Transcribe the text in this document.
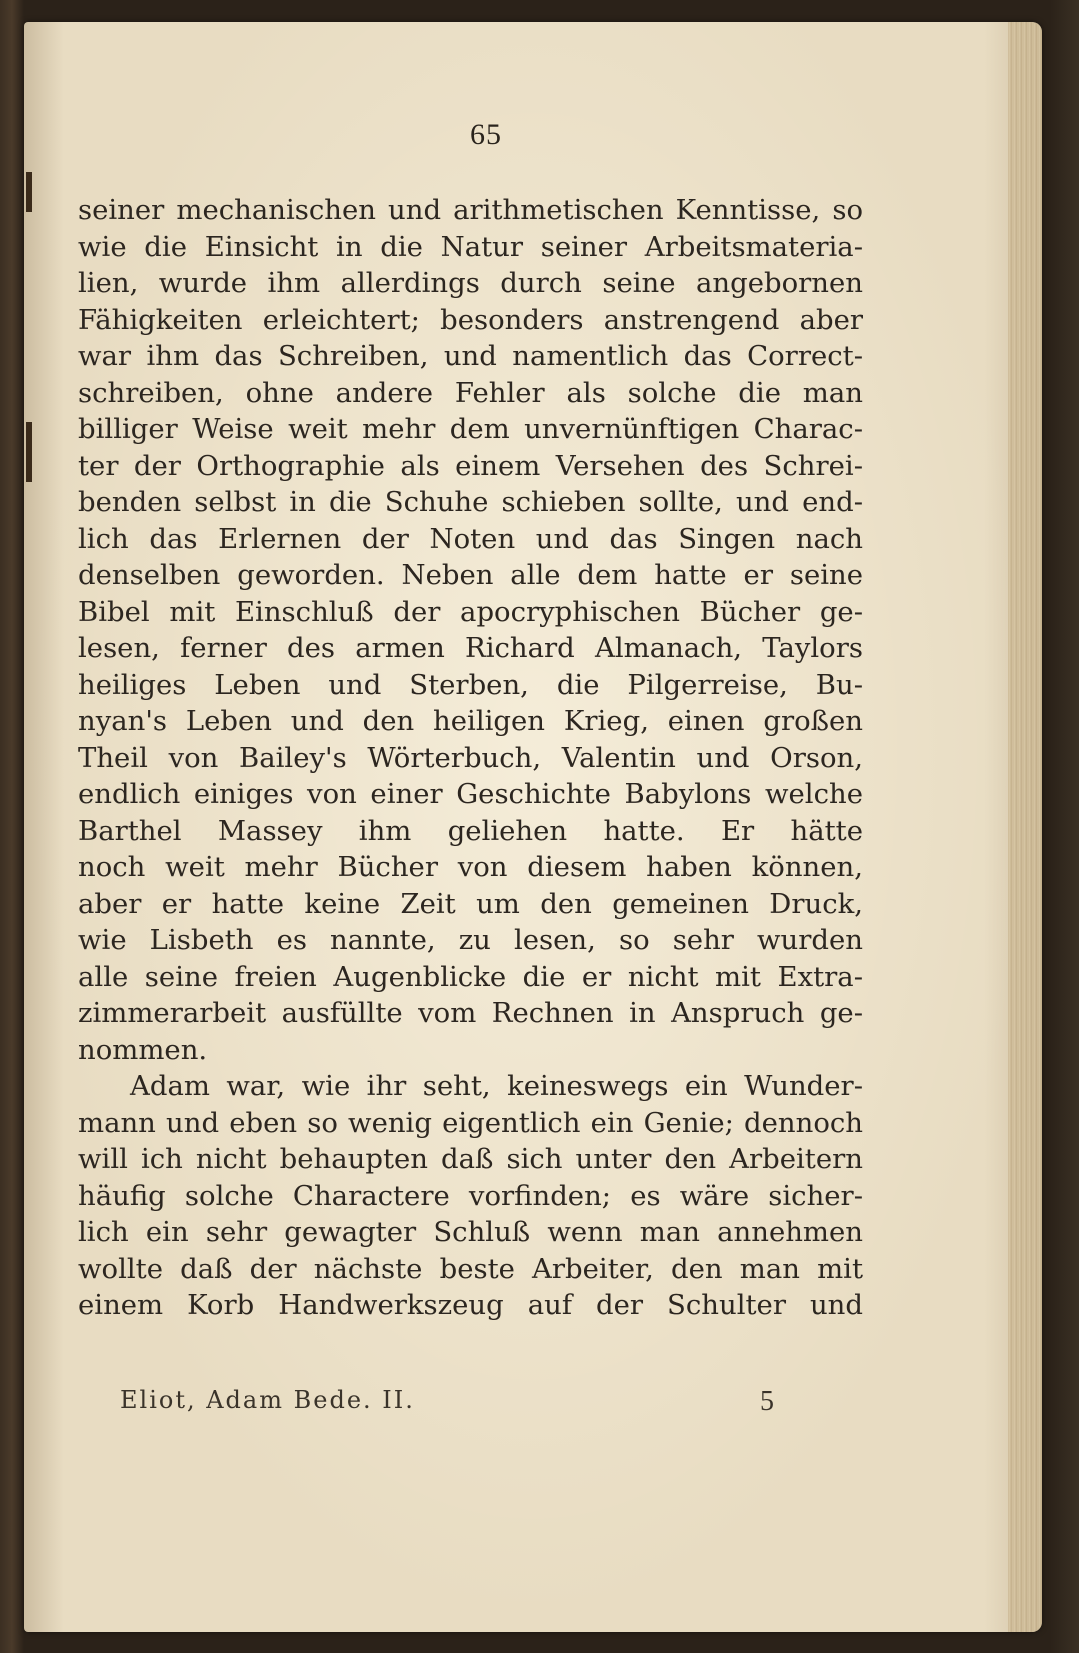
65
seiner mechanischen und arithmetischen Kenntisse, so
wie die Einsicht in die Natur seiner Arbeitsmateria-
lien, wurde ihm allerdings durch seine angebornen
Fähigkeiten erleichtert; besonders anstrengend aber
war ihm das Schreiben, und namentlich das Correct-
schreiben, ohne andere Fehler als solche die man
billiger Weise weit mehr dem unvernünftigen Charac-
ter der Orthographie als einem Versehen des Schrei-
benden selbst in die Schuhe schieben sollte, und end-
lich das Erlernen der Noten und das Singen nach
denselben geworden. Neben alle dem hatte er seine
Bibel mit Einschluß der apocryphischen Bücher ge-
lesen, ferner des armen Richard Almanach, Taylors
heiliges Leben und Sterben, die Pilgerreise, Bu-
nyan's Leben und den heiligen Krieg, einen großen
Theil von Bailey's Wörterbuch, Valentin und Orson,
endlich einiges von einer Geschichte Babylons welche
Barthel Massey ihm geliehen hatte. Er hätte
noch weit mehr Bücher von diesem haben können,
aber er hatte keine Zeit um den gemeinen Druck,
wie Lisbeth es nannte, zu lesen, so sehr wurden
alle seine freien Augenblicke die er nicht mit Extra-
zimmerarbeit ausfüllte vom Rechnen in Anspruch ge-
nommen.
Adam war, wie ihr seht, keineswegs ein Wunder-
mann und eben so wenig eigentlich ein Genie; dennoch
will ich nicht behaupten daß sich unter den Arbeitern
häufig solche Charactere vorfinden; es wäre sicher-
lich ein sehr gewagter Schluß wenn man annehmen
wollte daß der nächste beste Arbeiter, den man mit
einem Korb Handwerkszeug auf der Schulter und
Eliot, Adam Bede. II.	5
